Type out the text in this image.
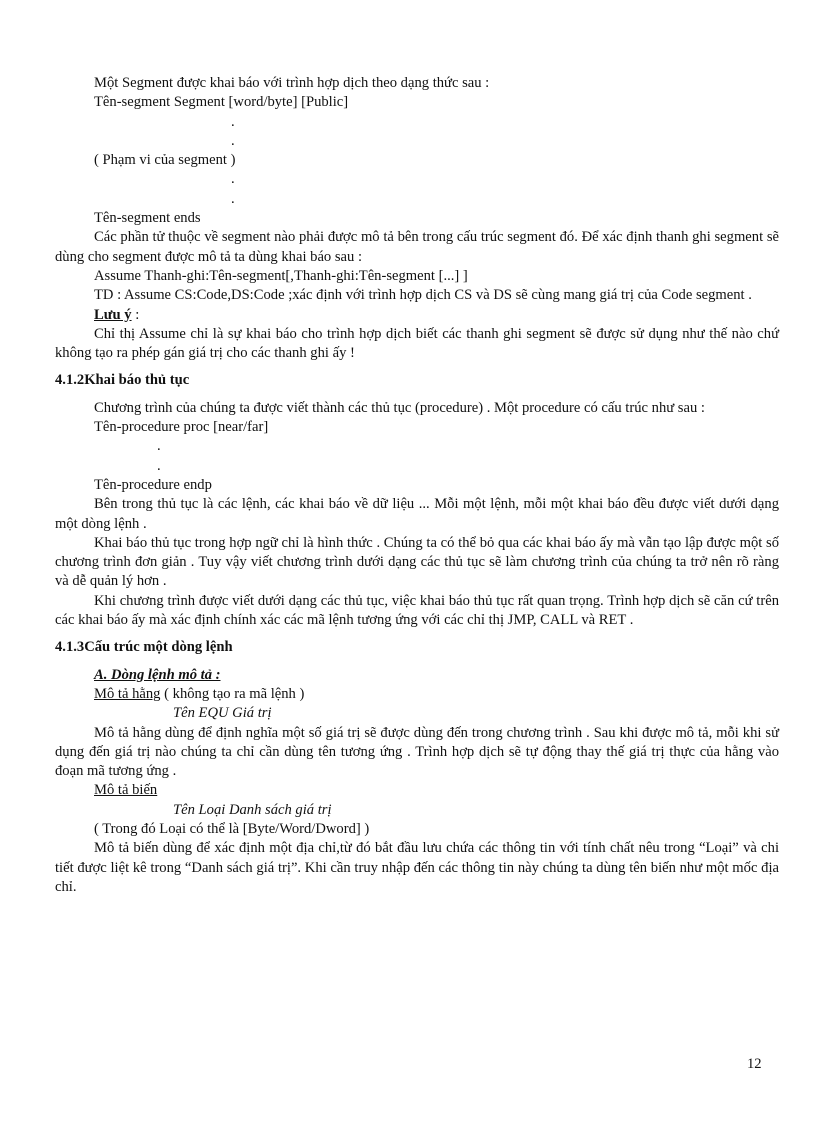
Một Segment được khai báo với trình hợp dịch theo dạng thức sau :

Tên-segment Segment [word/byte] [Public]

.

.

( Phạm vi của segment )

.

.

Tên-segment ends

Các phần tử thuộc về segment nào phải được mô tả bên trong cấu trúc segment đó. Để xác định thanh ghi segment sẽ dùng cho segment được mô tả ta dùng khai báo sau :

Assume Thanh-ghi:Tên-segment[,Thanh-ghi:Tên-segment [...] ]

TD : Assume CS:Code,DS:Code ;xác định với trình hợp dịch CS và DS sẽ cùng mang giá trị của Code segment .

Lưu ý :

Chỉ thị Assume chỉ là sự khai báo cho trình hợp dịch biết các thanh ghi segment sẽ được sử dụng như thế nào chứ không tạo ra phép gán giá trị cho các thanh ghi ấy !

4.1.2Khai báo thủ tục

Chương trình của chúng ta được viết thành các thủ tục (procedure) . Một procedure có cấu trúc như sau :

Tên-procedure proc [near/far]

.

.

Tên-procedure endp

Bên trong thủ tục là các lệnh, các khai báo về dữ liệu ... Mỗi một lệnh, mỗi một khai báo đều được viết dưới dạng một dòng lệnh .

Khai báo thủ tục trong hợp ngữ chỉ là hình thức . Chúng ta có thể bỏ qua các khai báo ấy mà vẫn tạo lập được một số chương trình đơn giản . Tuy vậy viết chương trình dưới dạng các thủ tục sẽ làm chương trình của chúng ta trở nên rõ ràng và dễ quản lý hơn .

Khi chương trình được viết dưới dạng các thủ tục, việc khai báo thủ tục rất quan trọng. Trình hợp dịch sẽ căn cứ trên các khai báo ấy mà xác định chính xác các mã lệnh tương ứng với các chỉ thị JMP, CALL và RET .

4.1.3Cấu trúc một dòng lệnh

A. Dòng lệnh mô tả :

Mô tả hằng ( không tạo ra mã lệnh )

Tên EQU Giá trị

Mô tả hằng dùng để định nghĩa một số giá trị sẽ được dùng đến trong chương trình . Sau khi được mô tả, mỗi khi sử dụng đến giá trị nào chúng ta chỉ cần dùng tên tương ứng . Trình hợp dịch sẽ tự động thay thế giá trị thực của hằng vào đoạn mã tương ứng .

Mô tả biến

Tên Loại Danh sách giá trị

( Trong đó Loại có thể là [Byte/Word/Dword] )

Mô tả biến dùng để xác định một địa chỉ,từ đó bắt đầu lưu chứa các thông tin với tính chất nêu trong “Loại” và chi tiết được liệt kê trong “Danh sách giá trị”. Khi cần truy nhập đến các thông tin này chúng ta dùng tên biến như một mốc địa chỉ.

12
